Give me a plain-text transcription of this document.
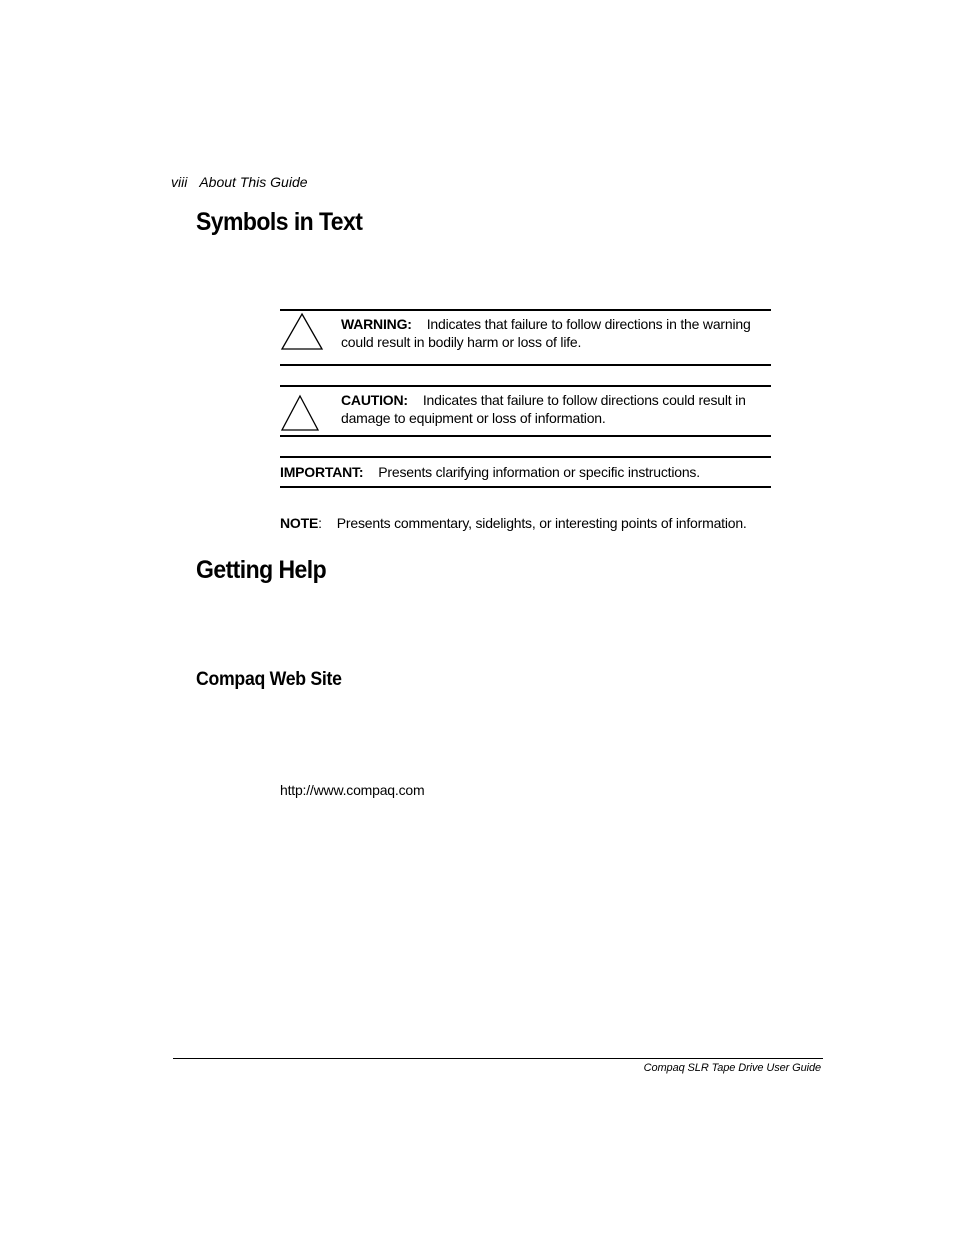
viii About This Guide
Symbols in Text
WARNING: Indicates that failure to follow directions in the warning
could result in bodily harm or loss of life.
CAUTION: Indicates that failure to follow directions could result in
damage to equipment or loss of information.
IMPORTANT: Presents clarifying information or specific instructions.
NOTE: Presents commentary, sidelights, or interesting points of information.
Getting Help
Compaq Web Site
http://www.compaq.com
Compaq SLR Tape Drive User Guide
